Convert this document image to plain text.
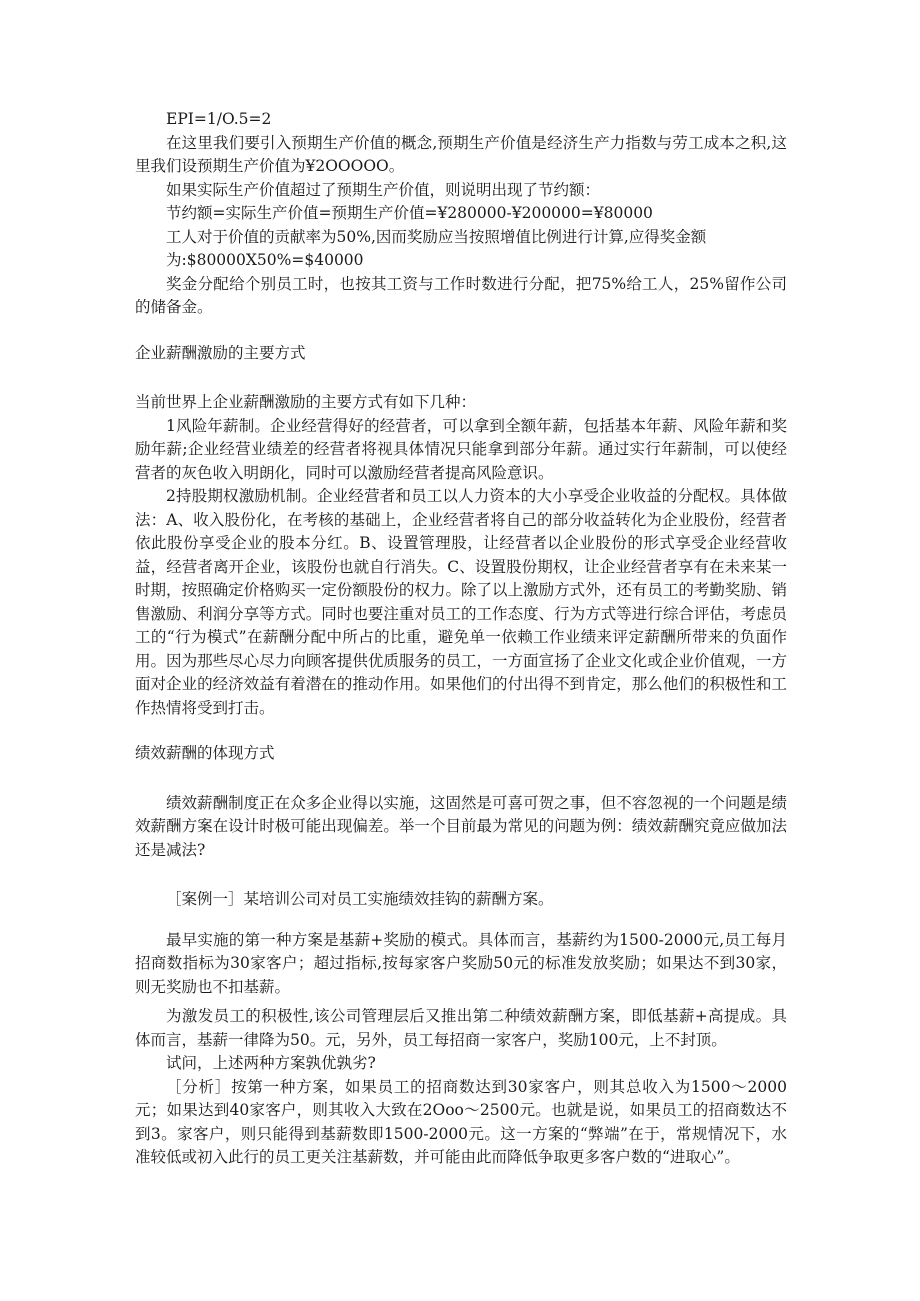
EPI=1/O.5=2

在这里我们要引入预期生产价值的概念,预期生产价值是经济生产力指数与劳工成本之积,这里我们设预期生产价值为¥2OOOOO。

如果实际生产价值超过了预期生产价值，则说明出现了节约额：

节约额=实际生产价值=预期生产价值=¥280000-¥200000=¥80000

工人对于价值的贡献率为50%,因而奖励应当按照增值比例进行计算,应得奖金额

为:$80000X50%=$40000

奖金分配给个别员工时，也按其工资与工作时数进行分配，把75%给工人，25%留作公司的储备金。

企业薪酬激励的主要方式

当前世界上企业薪酬激励的主要方式有如下几种：

1风险年薪制。企业经营得好的经营者，可以拿到全额年薪，包括基本年薪、风险年薪和奖励年薪;企业经营业绩差的经营者将视具体情况只能拿到部分年薪。通过实行年薪制，可以使经营者的灰色收入明朗化，同时可以激励经营者提高风险意识。

2持股期权激励机制。企业经营者和员工以人力资本的大小享受企业收益的分配权。具体做法：A、收入股份化，在考核的基础上，企业经营者将自己的部分收益转化为企业股份，经营者依此股份享受企业的股本分红。B、设置管理股，让经营者以企业股份的形式享受企业经营收益，经营者离开企业，该股份也就自行消失。C、设置股份期权，让企业经营者享有在未来某一时期，按照确定价格购买一定份额股份的权力。除了以上激励方式外，还有员工的考勤奖励、销售激励、利润分享等方式。同时也要注重对员工的工作态度、行为方式等进行综合评估，考虑员工的“行为模式”在薪酬分配中所占的比重，避免单一依赖工作业绩来评定薪酬所带来的负面作用。因为那些尽心尽力向顾客提供优质服务的员工，一方面宣扬了企业文化或企业价值观，一方面对企业的经济效益有着潜在的推动作用。如果他们的付出得不到肯定，那么他们的积极性和工作热情将受到打击。

绩效薪酬的体现方式

绩效薪酬制度正在众多企业得以实施，这固然是可喜可贺之事，但不容忽视的一个问题是绩效薪酬方案在设计时极可能出现偏差。举一个目前最为常见的问题为例：绩效薪酬究竟应做加法还是减法?

［案例一］某培训公司对员工实施绩效挂钩的薪酬方案。

最早实施的第一种方案是基薪+奖励的模式。具体而言，基薪约为1500-2000元,员工每月招商数指标为30家客户；超过指标,按每家客户奖励50元的标准发放奖励；如果达不到30家，则无奖励也不扣基薪。

为激发员工的积极性,该公司管理层后又推出第二种绩效薪酬方案，即低基薪+高提成。具体而言，基薪一律降为50。元，另外，员工每招商一家客户，奖励100元，上不封顶。

试问，上述两种方案孰优孰劣?

［分析］按第一种方案，如果员工的招商数达到30家客户，则其总收入为1500〜2000元；如果达到40家客户，则其收入大致在2Ooo〜2500元。也就是说，如果员工的招商数达不到3。家客户，则只能得到基薪数即1500-2000元。这一方案的“弊端”在于，常规情况下，水准较低或初入此行的员工更关注基薪数，并可能由此而降低争取更多客户数的“进取心”。
